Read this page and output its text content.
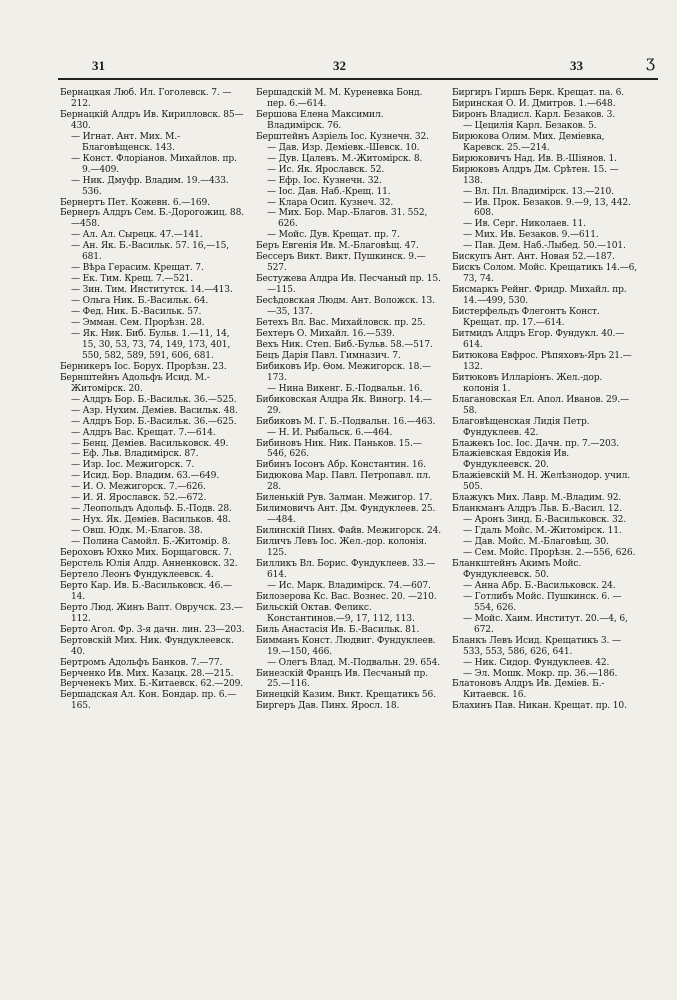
31	32	33	ʒ

Бернацкая Люб. Ил. Гоголевск. 7. —212.

Бернацкій Алдръ Ив. Кирилловск. 85—430.

— Игнат. Ант. Мих. М.-Благовѣщенск. 143.

— Конст. Флоріанов. Михайлов. пр. 9.—409.

— Ник. Дмуфр. Владим. 19.—433. 536.

Бернертъ Пет. Кожевн. 6.—169.

Бернеръ Алдръ Сем. Б.-Дорогожиц. 88.—458.

— Ал. Ал. Сырецк. 47.—141.

— Ан. Як. Б.-Васильк. 57. 16,—15, 681.

— Вѣра Герасим. Крещат. 7.

— Ек. Тим. Крещ. 7.—521.

— Зин. Тим. Институтск. 14.—413.

— Ольга Ник. Б.-Васильк. 64.

— Фед. Ник. Б.-Васильк. 57.

— Эмман. Сем. Прорѣзн. 28.

— Як. Ник. Биб. Бульв. 1.—11, 14, 15, 30, 53, 73, 74, 149, 173, 401, 550, 582, 589, 591, 606, 681.

Берникеръ Іос. Борух. Прорѣзн. 23.

Бернштейнъ Адольфъ Исид. М.-Житомірск. 20.

— Алдръ Бор. Б.-Васильк. 36.—525.

— Азр. Нухим. Деміев. Васильк. 48.

— Алдръ Бор. Б.-Васильк. 36.—625.

— Алдръ Вас. Крещат. 7.—614.

— Бенц. Деміев. Васильковск. 49.

— Еф. Льв. Владимірск. 87.

— Изр. Іос. Межигорск. 7.

— Исид. Бор. Владим. 63.—649.

— И. О. Межигорск. 7.—626.

— И. Я. Ярославск. 52.—672.

— Леопольдъ Адольф. Б.-Подв. 28.

— Нух. Як. Деміев. Васильков. 48.

— Овш. Юдк. М.-Благов. 38.

— Полина Самойл. Б.-Житомір. 8.

Бероховъ Юхко Мих. Борщаговск. 7.

Берстель Юлія Алдр. Анненковск. 32.

Бертело Леонъ Фундуклеевск. 4.

Берто Кар. Ив. Б.-Васильковск. 46.—14.

Берто Люд. Жинъ Вапт. Овручск. 23.—112.

Берто Агол. Фр. 3-я дачн. лин. 23—203.

Бертовскій Мих. Ник. Фундуклеевск. 40.

Бертромъ Адольфъ Банков. 7.—77.

Берченко Ив. Мих. Казацк. 28.—215.

Верченекъ Мих. Б.-Китаевск. 62.—209.

Бершадская Ал. Кон. Бондар. пр. 6.—165.

Бершадскій М. М. Куреневка Бонд. пер. 6.—614.

Бершова Елена Максимил. Владимірск. 76.

Берштейнъ Азріель Іос. Кузнечн. 32.

— Дав. Изр. Деміевк.-Шевск. 10.

— Дув. Цалевъ. М.-Житомірск. 8.

— Ис. Як. Ярославск. 52.

— Ефр. Іос. Кузнечн. 32.

— Іос. Дав. Наб.-Крещ. 11.

— Клара Осип. Кузнеч. 32.

— Мих. Бор. Мар.-Благов. 31. 552, 626.

— Мойс. Дув. Крещат. пр. 7.

Беръ Евгенія Ив. М.-Благовѣщ. 47.

Бессеръ Викт. Викт. Пушкинск. 9.—527.

Бестужева Алдра Ив. Песчаный пр. 15.—115.

Бесѣдовская Людм. Ант. Воложск. 13.—35, 137.

Бетехъ Вл. Вас. Михайловск. пр. 25.

Бехтеръ О. Михайл. 16.—539.

Вехъ Ник. Степ. Биб.-Бульв. 58.—517.

Бецъ Дарія Павл. Гимназич. 7.

Бибиковъ Ир. Ѳом. Межигорск. 18.—173.

— Нина Викенг. Б.-Подвальн. 16.

Бибиковская Алдра Як. Виногр. 14.—29.

Бибиковъ М. Г. Б.-Подвальн. 16.—463.

— Н. И. Рыбальск. 6.—464.

Бибиновъ Ник. Ник. Паньков. 15.—546, 626.

Бибинъ Іосонъ Абр. Константин. 16.

Бидюкова Мар. Павл. Петропавл. пл. 28.

Биленькій Рув. Залман. Межигор. 17.

Билимовичъ Ант. Дм. Фундуклеев. 25.—484.

Билинскій Пинх. Файв. Межигорск. 24.

Биличъ Левъ Іос. Жел.-дор. колонія. 125.

Билликъ Вл. Борис. Фундуклеев. 33.—614.

— Ис. Марк. Владимірск. 74.—607.

Билозерова Кс. Вас. Вознес. 20. —210.

Бильскій Октав. Феликс. Константинов.—9, 17, 112, 113.

Биль Анастасія Ив. Б.-Васильк. 81.

Бимманъ Конст. Людвиг. Фундуклеев. 19.—150, 466.

— Олегъ Влад. М.-Подвальн. 29. 654.

Бинезскій Францъ Ив. Песчаный пр. 25.—116.

Бинецкій Казим. Викт. Крещатикъ 56.

Биргеръ Дав. Пинх. Яросл. 18.

Биргиръ Гиршъ Берк. Крещат. па. 6.

Биринская О. И. Дмитров. 1.—648.

Биронъ Владисл. Карл. Безаков. 3.

— Цецилія Карл. Безаков. 5.

Бирюкова Олим. Мих. Деміевка, Каревск. 25.—214.

Бирюковичъ Над. Ив. В.-Шіянов. 1.

Бирюковъ Алдръ Дм. Срѣтен. 15. —138.

— Вл. Пл. Владимірск. 13.—210.

— Ив. Прок. Безаков. 9.—9, 13, 442. 608.

— Ив. Серг. Николаев. 11.

— Мих. Ив. Безаков. 9.—611.

— Пав. Дем. Наб.-Лыбед. 50.—101.

Бискупъ Ант. Ант. Новая 52.—187.

Бискъ Солом. Мойс. Крещатикъ 14.—6, 73, 74.

Бисмаркъ Рейнг. Фридр. Михайл. пр. 14.—499, 530.

Бистерфельдъ Флегонтъ Конст. Крещат. пр. 17.—614.

Битмидъ Алдръ Егор. Фундукл. 40.—614.

Битюкова Евфрос. Рѣпяховъ-Яръ 21.—132.

Битюковъ Илларіонъ. Жел.-дор. колонія 1.

Благановская Ел. Апол. Иванов. 29.—58.

Благовѣщенская Лидія Петр. Фундуклеев. 42.

Блажекъ Іос. Іос. Дачн. пр. 7.—203.

Блажіевская Евдокія Ив. Фундуклеевск. 20.

Блажіевскій М. Н. Желѣзнодор. учил. 505.

Блажукъ Мих. Лавр. М.-Владим. 92.

Бланкманъ Алдръ Льв. Б.-Васил. 12.

— Аронъ Зинд. Б.-Васильковск. 32.

— Гдаль Мойс. М.-Житомірск. 11.

— Дав. Мойс. М.-Благовѣщ. 30.

— Сем. Мойс. Прорѣзн. 2.—556, 626.

Бланкштейнъ Акимъ Мойс. Фундуклеевск. 50.

— Анна Абр. Б.-Васильковск. 24.

— Готлибъ Мойс. Пушкинск. 6. —554, 626.

— Мойс. Хаим. Институт. 20.—4, 6, 672.

Бланкъ Левъ Исид. Крещатикъ 3. —533, 553, 586, 626, 641.

— Ник. Сидор. Фундуклеев. 42.

— Эл. Мошк. Мокр. пр. 36.—186.

Блатоновъ Алдръ Ив. Деміев. Б.-Китаевск. 16.

Блахинъ Пав. Никан. Крещат. пр. 10.
